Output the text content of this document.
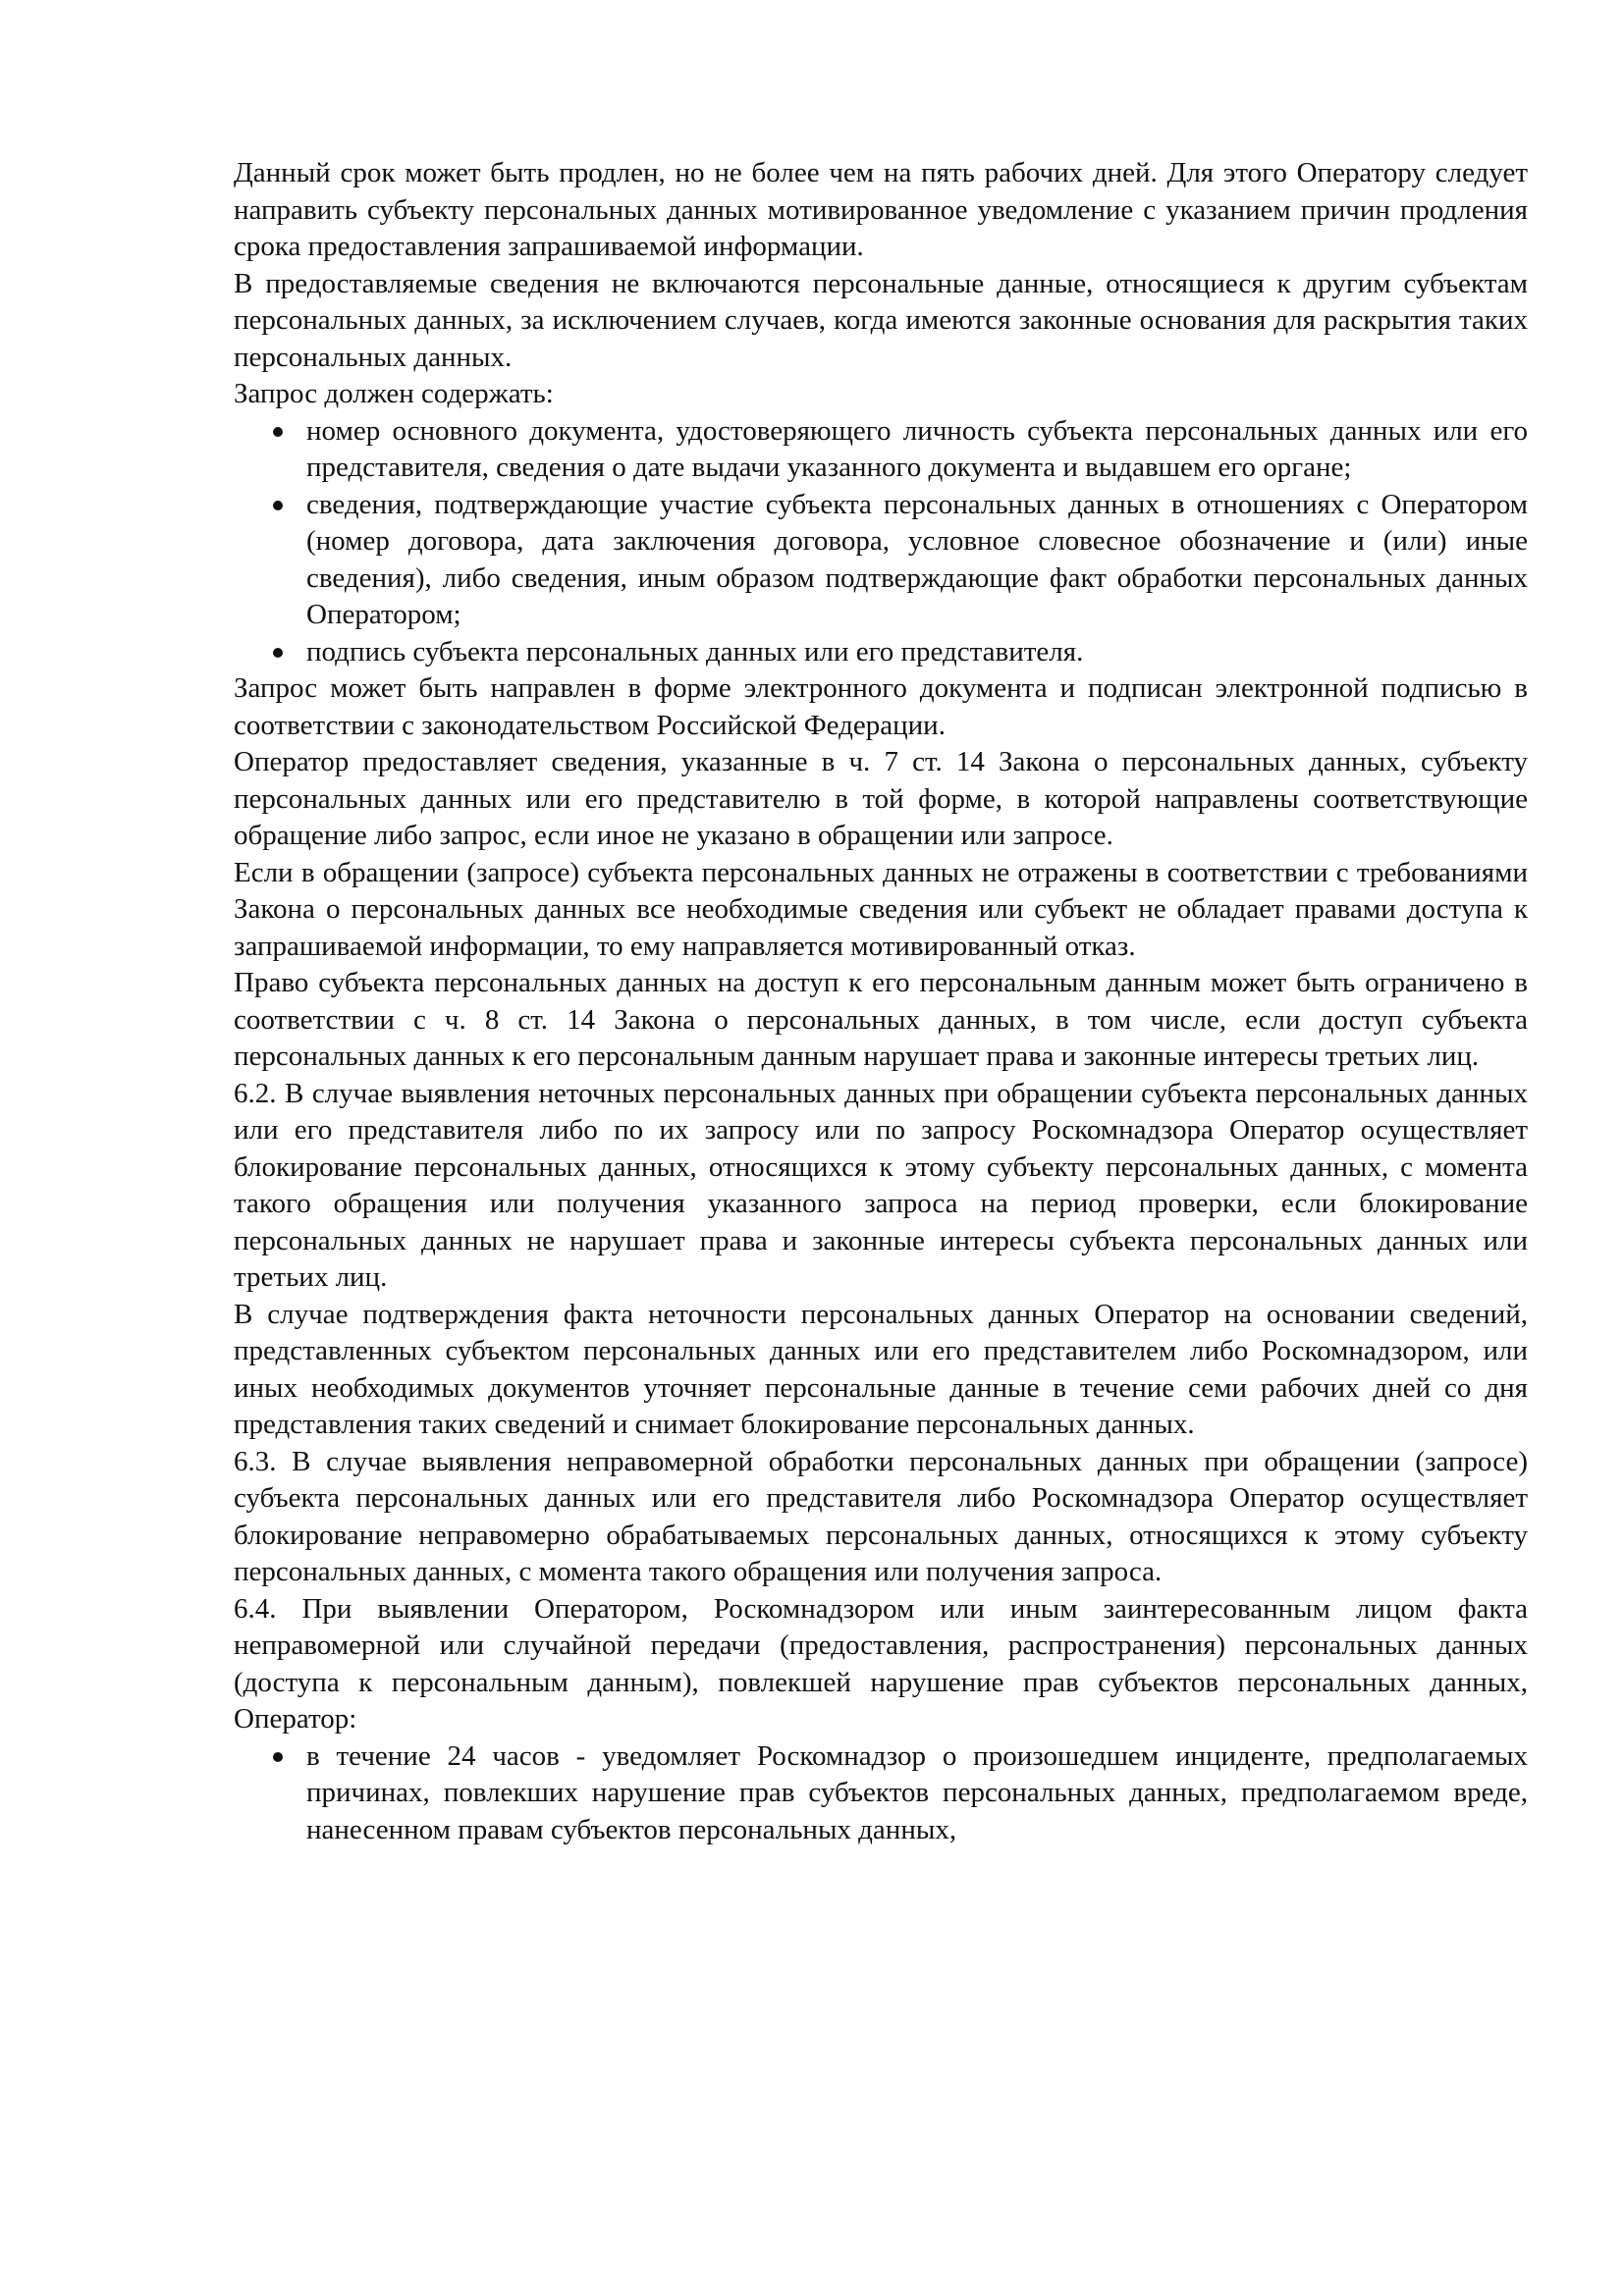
Данный срок может быть продлен, но не более чем на пять рабочих дней. Для этого Оператору следует направить субъекту персональных данных мотивированное уведомление с указанием причин продления срока предоставления запрашиваемой информации.

В предоставляемые сведения не включаются персональные данные, относящиеся к другим субъектам персональных данных, за исключением случаев, когда имеются законные основания для раскрытия таких персональных данных.

Запрос должен содержать:

номер основного документа, удостоверяющего личность субъекта персональных данных или его представителя, сведения о дате выдачи указанного документа и выдавшем его органе;
сведения, подтверждающие участие субъекта персональных данных в отношениях с Оператором (номер договора, дата заключения договора, условное словесное обозначение и (или) иные сведения), либо сведения, иным образом подтверждающие факт обработки персональных данных Оператором;
подпись субъекта персональных данных или его представителя.

Запрос может быть направлен в форме электронного документа и подписан электронной подписью в соответствии с законодательством Российской Федерации.

Оператор предоставляет сведения, указанные в ч. 7 ст. 14 Закона о персональных данных, субъекту персональных данных или его представителю в той форме, в которой направлены соответствующие обращение либо запрос, если иное не указано в обращении или запросе.

Если в обращении (запросе) субъекта персональных данных не отражены в соответствии с требованиями Закона о персональных данных все необходимые сведения или субъект не обладает правами доступа к запрашиваемой информации, то ему направляется мотивированный отказ.

Право субъекта персональных данных на доступ к его персональным данным может быть ограничено в соответствии с ч. 8 ст. 14 Закона о персональных данных, в том числе, если доступ субъекта персональных данных к его персональным данным нарушает права и законные интересы третьих лиц.

6.2. В случае выявления неточных персональных данных при обращении субъекта персональных данных или его представителя либо по их запросу или по запросу Роскомнадзора Оператор осуществляет блокирование персональных данных, относящихся к этому субъекту персональных данных, с момента такого обращения или получения указанного запроса на период проверки, если блокирование персональных данных не нарушает права и законные интересы субъекта персональных данных или третьих лиц.

В случае подтверждения факта неточности персональных данных Оператор на основании сведений, представленных субъектом персональных данных или его представителем либо Роскомнадзором, или иных необходимых документов уточняет персональные данные в течение семи рабочих дней со дня представления таких сведений и снимает блокирование персональных данных.

6.3. В случае выявления неправомерной обработки персональных данных при обращении (запросе) субъекта персональных данных или его представителя либо Роскомнадзора Оператор осуществляет блокирование неправомерно обрабатываемых персональных данных, относящихся к этому субъекту персональных данных, с момента такого обращения или получения запроса.

6.4. При выявлении Оператором, Роскомнадзором или иным заинтересованным лицом факта неправомерной или случайной передачи (предоставления, распространения) персональных данных (доступа к персональным данным), повлекшей нарушение прав субъектов персональных данных, Оператор:

в течение 24 часов - уведомляет Роскомнадзор о произошедшем инциденте, предполагаемых причинах, повлекших нарушение прав субъектов персональных данных, предполагаемом вреде, нанесенном правам субъектов персональных данных,
